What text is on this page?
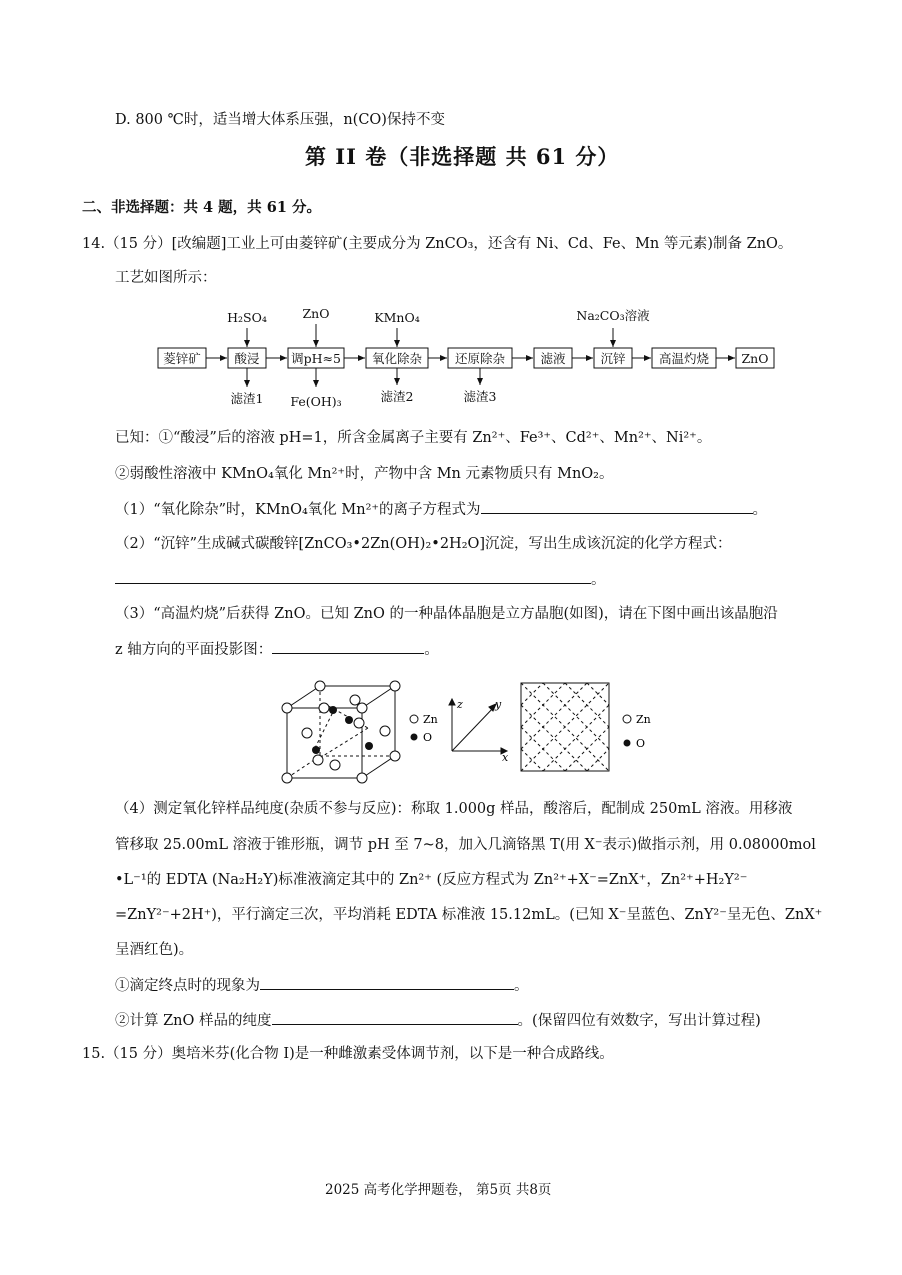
D. 800 ℃时，适当增大体系压强，n(CO)保持不变
第 II 卷（非选择题 共 61 分）
二、非选择题：共 4 题，共 61 分。
14.（15 分）[改编题]工业上可由菱锌矿(主要成分为 ZnCO₃，还含有 Ni、Cd、Fe、Mn 等元素)制备 ZnO。
工艺如图所示：
菱锌矿	酸浸	调pH≈5 氧化除杂	还原除杂	滤液	沉锌	高温灼烧	ZnO
H₂SO₄	ZnO	KMnO₄	Na₂CO₃溶液
滤渣1 Fe(OH)₃	滤渣2	滤渣3
已知：①“酸浸”后的溶液 pH=1，所含金属离子主要有 Zn²⁺、Fe³⁺、Cd²⁺、Mn²⁺、Ni²⁺。
②弱酸性溶液中 KMnO₄氧化 Mn²⁺时，产物中含 Mn 元素物质只有 MnO₂。
（1）“氧化除杂”时，KMnO₄氧化 Mn²⁺的离子方程式为	。
（2）“沉锌”生成碱式碳酸锌[ZnCO₃•2Zn(OH)₂•2H₂O]沉淀，写出生成该沉淀的化学方程式：
。
（3）“高温灼烧”后获得 ZnO。已知 ZnO 的一种晶体晶胞是立方晶胞(如图)，请在下图中画出该晶胞沿
z 轴方向的平面投影图：	。
Zn
O
z	y
x
Zn
O
（4）测定氧化锌样品纯度(杂质不参与反应)：称取 1.000g 样品，酸溶后，配制成 250mL 溶液。用移液
管移取 25.00mL 溶液于锥形瓶，调节 pH 至 7~8，加入几滴铬黑 T(用 X⁻表示)做指示剂，用 0.08000mol
•L⁻¹的 EDTA (Na₂H₂Y)标准液滴定其中的 Zn²⁺ (反应方程式为 Zn²⁺+X⁻=ZnX⁺，Zn²⁺+H₂Y²⁻
=ZnY²⁻+2H⁺)，平行滴定三次，平均消耗 EDTA 标准液 15.12mL。(已知 X⁻呈蓝色、ZnY²⁻呈无色、ZnX⁺
呈酒红色)。
①滴定终点时的现象为	。
②计算 ZnO 样品的纯度	。(保留四位有效数字，写出计算过程)
15.（15 分）奥培米芬(化合物 I)是一种雌激素受体调节剂，以下是一种合成路线。
2025 高考化学押题卷， 第5页 共8页
